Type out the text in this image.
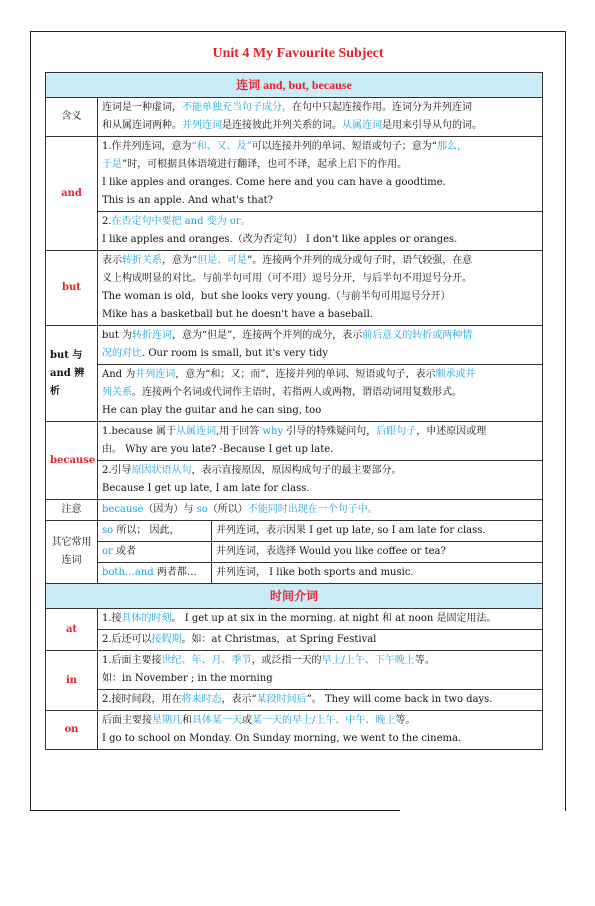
Unit 4 My Favourite Subject
连词 and, but, because		
含义	连词是一种虚词，不能单独充当句子成分，在句中只起连接作用。连词分为并列连词
和从属连词两种。并列连词是连接彼此并列关系的词。从属连词是用来引导从句的词。	

and	1.作并列连词，意为“和、又、及”可以连接并列的单词、短语或句子；意为“那么，
于是”时，可根据具体语境进行翻译，也可不译，起承上启下的作用。
I like apples and oranges. Come here and you can have a goodtime.
This is an apple. And what's that?	

	2.在否定句中要把 and 变为 or。
I like apples and oranges.（改为否定句） I don't like apples or oranges.	

but	表示转折关系，意为“但是、可是”。连接两个并列的成分或句子时，语气较强，在意
义上构成明显的对比。与前半句可用（可不用）逗号分开，与后半句不用逗号分开。
The woman is old，but she looks very young.（与前半句可用逗号分开）
Mike has a basketball but he doesn't have a baseball.	

but 与 and 辨析	but 为转折连词，意为“但是”，连接两个并列的成分，表示前后意义的转折或两种情
况的对比. Our room is small, but it's very tidy	

	And 为并列连词，意为“和；又；而”，连接并列的单词、短语或句子，表示顺承或并
列关系。连接两个名词或代词作主语时，若指两人或两物，谓语动词用复数形式。
He can play the guitar and he can sing, too	

because	1.because 属于从属连词,用于回答 why 引导的特殊疑问句，后跟句子，申述原因或理
由。 Why are you late? -Because I get up late.	

	2.引导原因状语从句，表示直接原因，原因构成句子的最主要部分。
Because I get up late, I am late for class.	

注意	because（因为）与 so（所以）不能同时出现在一个句子中。	
其它常用连词	so 所以； 因此，	并列连词，表示因果 I get up late, so I am late for class.
	or 或者	并列连词，表选择 Would you like coffee or tea?
	both…and 两者都…	并列连词， I like both sports and music.
时间介词		
at	1.接具体的时刻。 I get up at six in the morning. at night 和 at noon 是固定用法。	
	2.后还可以接假期。如：at Christmas，at Spring Festival	
in	1.后面主要接世纪、年、月、季节，或泛指一天的早上/上午、下午晚上等。
如：in November ; in the morning	

	2.接时间段，用在将来时态，表示“某段时间后”。 They will come back in two days.	
on	后面主要接星期几和具体某一天或某一天的早上/上午、中午、晚上等。
I go to school on Monday. On Sunday morning, we went to the cinema.	
